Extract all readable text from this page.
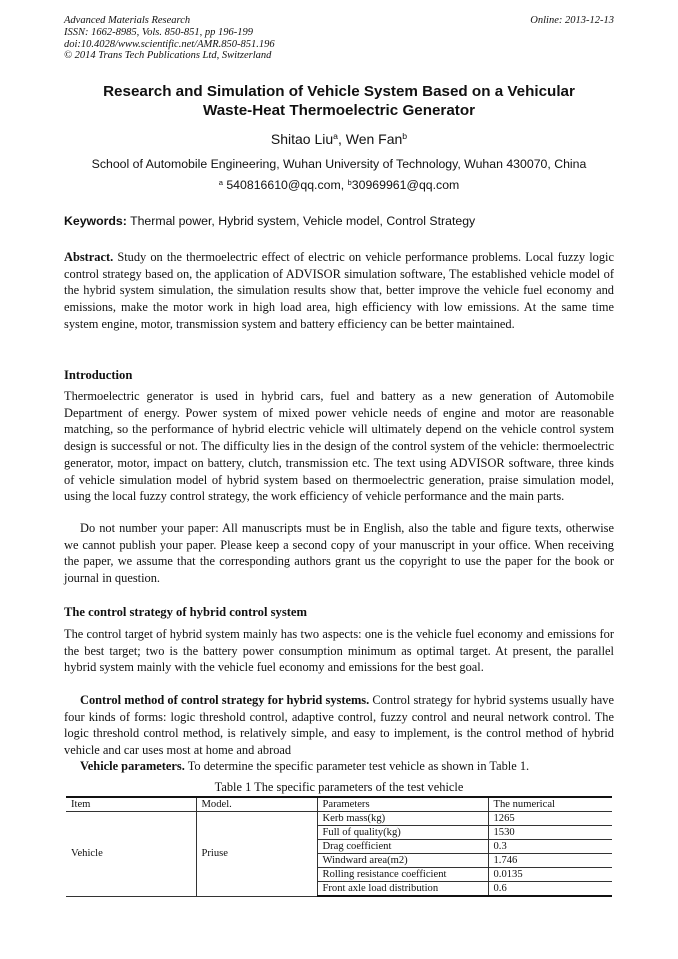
Advanced Materials Research
ISSN: 1662-8985, Vols. 850-851, pp 196-199
doi:10.4028/www.scientific.net/AMR.850-851.196
© 2014 Trans Tech Publications Ltd, Switzerland
Online: 2013-12-13
Research and Simulation of Vehicle System Based on a Vehicular
Waste-Heat Thermoelectric Generator
Shitao Liu$^a$, Wen Fan$^b$
School of Automobile Engineering, Wuhan University of Technology, Wuhan 430070, China
$^a$ 540816610@qq.com, $^b$30969961@qq.com
Keywords: Thermal power, Hybrid system, Vehicle model, Control Strategy

Abstract. Study on the thermoelectric effect of electric on vehicle performance problems. Local fuzzy logic control strategy based on, the application of ADVISOR simulation software, The established vehicle model of the hybrid system simulation, the simulation results show that, better improve the vehicle fuel economy and emissions, make the motor work in high load area, high efficiency with low emissions. At the same time system engine, motor, transmission system and battery efficiency can be better maintained.

Introduction

Thermoelectric generator is used in hybrid cars, fuel and battery as a new generation of Automobile Department of energy. Power system of mixed power vehicle needs of engine and motor are reasonable matching, so the performance of hybrid electric vehicle will ultimately depend on the vehicle control system design is successful or not. The difficulty lies in the design of the control system of the vehicle: thermoelectric generator, motor, impact on battery, clutch, transmission etc. The text using ADVISOR software, three kinds of vehicle simulation model of hybrid system based on thermoelectric generation, praise simulation model, using the local fuzzy control strategy, the work efficiency of vehicle performance and the main parts.

Do not number your paper: All manuscripts must be in English, also the table and figure texts, otherwise we cannot publish your paper. Please keep a second copy of your manuscript in your office. When receiving the paper, we assume that the corresponding authors grant us the copyright to use the paper for the book or journal in question.

The control strategy of hybrid control system

The control target of hybrid system mainly has two aspects: one is the vehicle fuel economy and emissions for the best target; two is the battery power consumption minimum as optimal target. At present, the parallel hybrid system mainly with the vehicle fuel economy and emissions for the best goal.

Control method of control strategy for hybrid systems. Control strategy for hybrid systems usually have four kinds of forms: logic threshold control, adaptive control, fuzzy control and neural network control. The logic threshold control method, is relatively simple, and easy to implement, is the control method of hybrid vehicle and car uses most at home and abroad

Vehicle parameters. To determine the specific parameter test vehicle as shown in Table 1.

Table 1 The specific parameters of the test vehicle
Item	Model.	Parameters	The numerical
Vehicle	Priuse	Kerb mass(kg)	1265
		Full of quality(kg)	1530
		Drag coefficient	0.3
		Windward area(m2)	1.746
		Rolling resistance coefficient	0.0135
		Front axle load distribution	0.6
